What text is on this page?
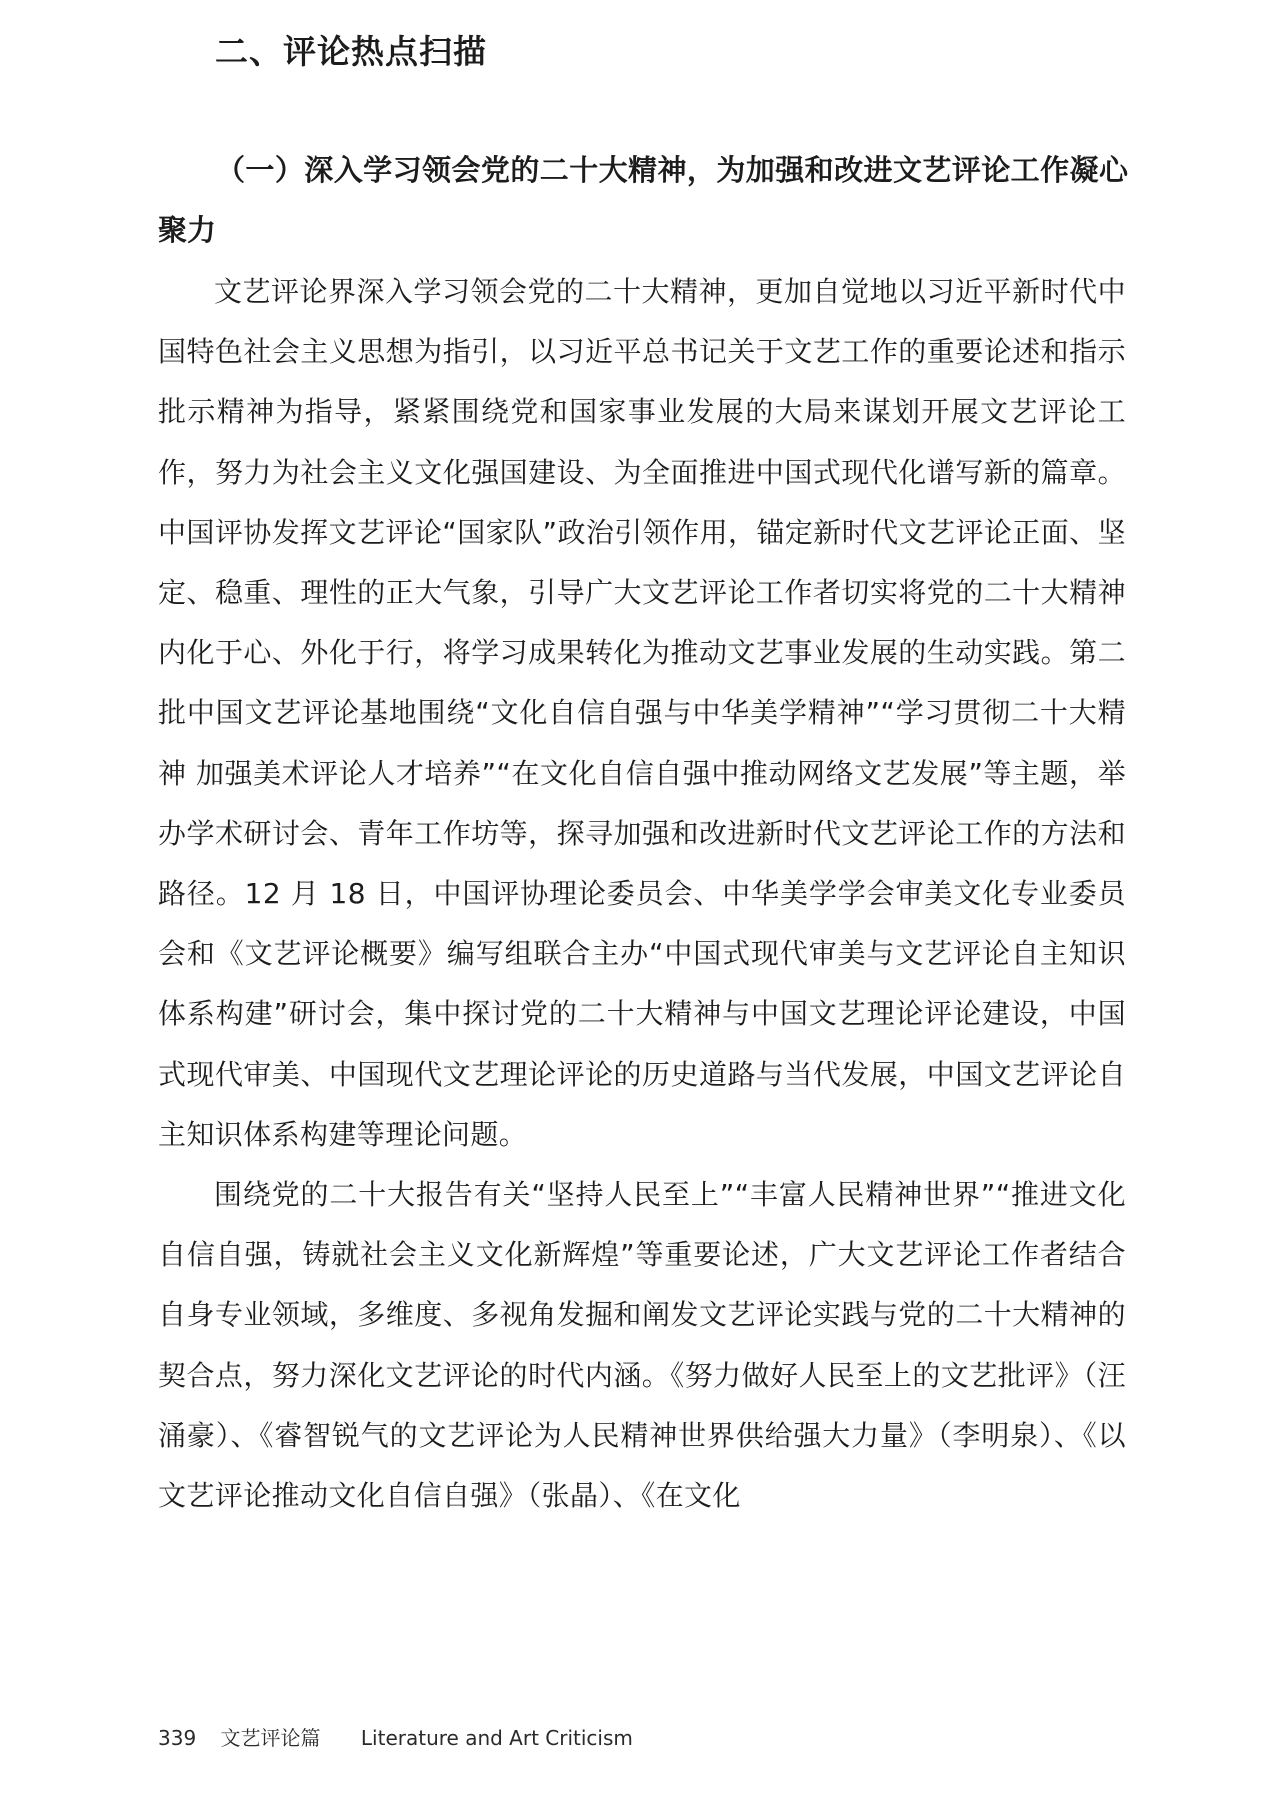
二、评论热点扫描
（一）深入学习领会党的二十大精神，为加强和改进文艺评论工作凝心聚力

文艺评论界深入学习领会党的二十大精神，更加自觉地以习近平新时代中国特色社会主义思想为指引，以习近平总书记关于文艺工作的重要论述和指示批示精神为指导，紧紧围绕党和国家事业发展的大局来谋划开展文艺评论工作，努力为社会主义文化强国建设、为全面推进中国式现代化谱写新的篇章。中国评协发挥文艺评论“国家队”政治引领作用，锚定新时代文艺评论正面、坚定、稳重、理性的正大气象，引导广大文艺评论工作者切实将党的二十大精神内化于心、外化于行，将学习成果转化为推动文艺事业发展的生动实践。第二批中国文艺评论基地围绕“文化自信自强与中华美学精神”“学习贯彻二十大精神 加强美术评论人才培养”“在文化自信自强中推动网络文艺发展”等主题，举办学术研讨会、青年工作坊等，探寻加强和改进新时代文艺评论工作的方法和路径。12 月 18 日，中国评协理论委员会、中华美学学会审美文化专业委员会和《文艺评论概要》编写组联合主办“中国式现代审美与文艺评论自主知识体系构建”研讨会，集中探讨党的二十大精神与中国文艺理论评论建设，中国式现代审美、中国现代文艺理论评论的历史道路与当代发展，中国文艺评论自主知识体系构建等理论问题。

围绕党的二十大报告有关“坚持人民至上”“丰富人民精神世界”“推进文化自信自强，铸就社会主义文化新辉煌”等重要论述，广大文艺评论工作者结合自身专业领域，多维度、多视角发掘和阐发文艺评论实践与党的二十大精神的契合点，努力深化文艺评论的时代内涵。《努力做好人民至上的文艺批评》（汪涌豪）、《睿智锐气的文艺评论为人民精神世界供给强大力量》（李明泉）、《以文艺评论推动文化自信自强》（张晶）、《在文化

339 文艺评论篇 Literature and Art Criticism
